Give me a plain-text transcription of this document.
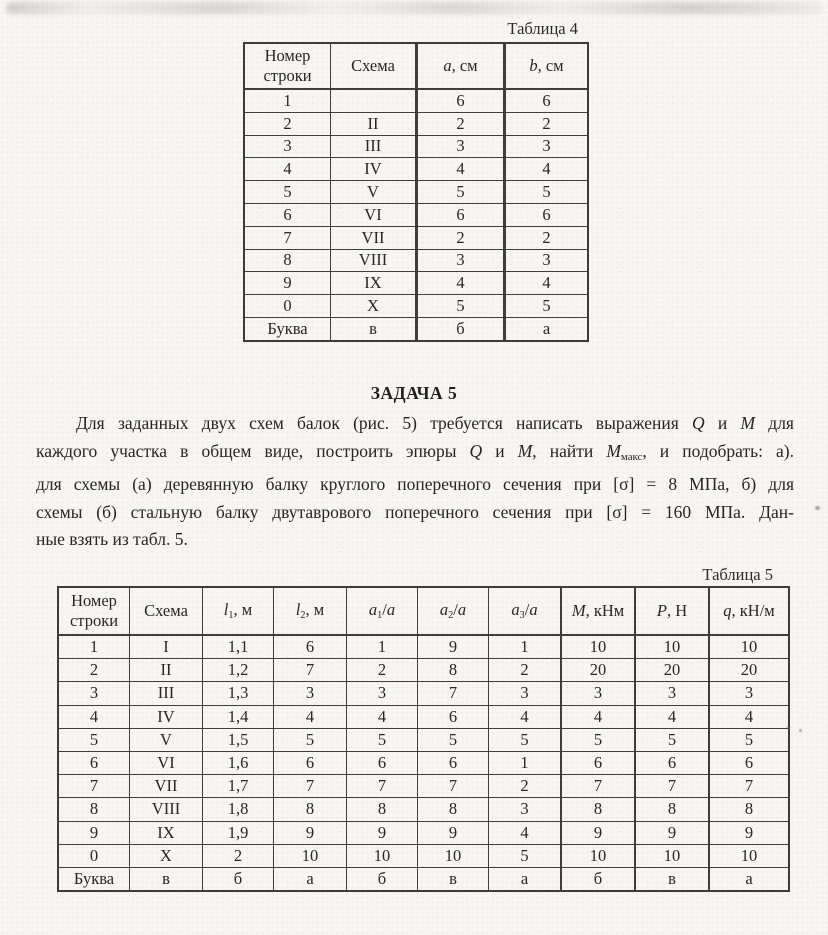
Таблица 4
Номер строки	Схема	a, см	b, см
1		6	6
2	II	2	2
3	III	3	3
4	IV	4	4
5	V	5	5
6	VI	6	6
7	VII	2	2
8	VIII	3	3
9	IX	4	4
0	X	5	5
Буква	в	б	а
ЗАДАЧА 5
Для заданных двух схем балок (рис. 5) требуется написать выражения Q и M для
каждого участка в общем виде, построить эпюры Q и M, найти Mмакс, и подобрать: а).
для схемы (а) деревянную балку круглого поперечного сечения при [σ] = 8 МПа, б) для
схемы (б) стальную балку двутаврового поперечного сечения при [σ] = 160 МПа. Дан-
ные взять из табл. 5.
Таблица 5
Номер строки	Схема	l1, м	l2, м	a1/a	a2/a	a3/a	M, кНм	P, Н	q, кН/м
1	I	1,1	6	1	9	1	10	10	10
2	II	1,2	7	2	8	2	20	20	20
3	III	1,3	3	3	7	3	3	3	3
4	IV	1,4	4	4	6	4	4	4	4
5	V	1,5	5	5	5	5	5	5	5
6	VI	1,6	6	6	6	1	6	6	6
7	VII	1,7	7	7	7	2	7	7	7
8	VIII	1,8	8	8	8	3	8	8	8
9	IX	1,9	9	9	9	4	9	9	9
0	X	2	10	10	10	5	10	10	10
Буква	в	б	а	б	в	а	б	в	а
